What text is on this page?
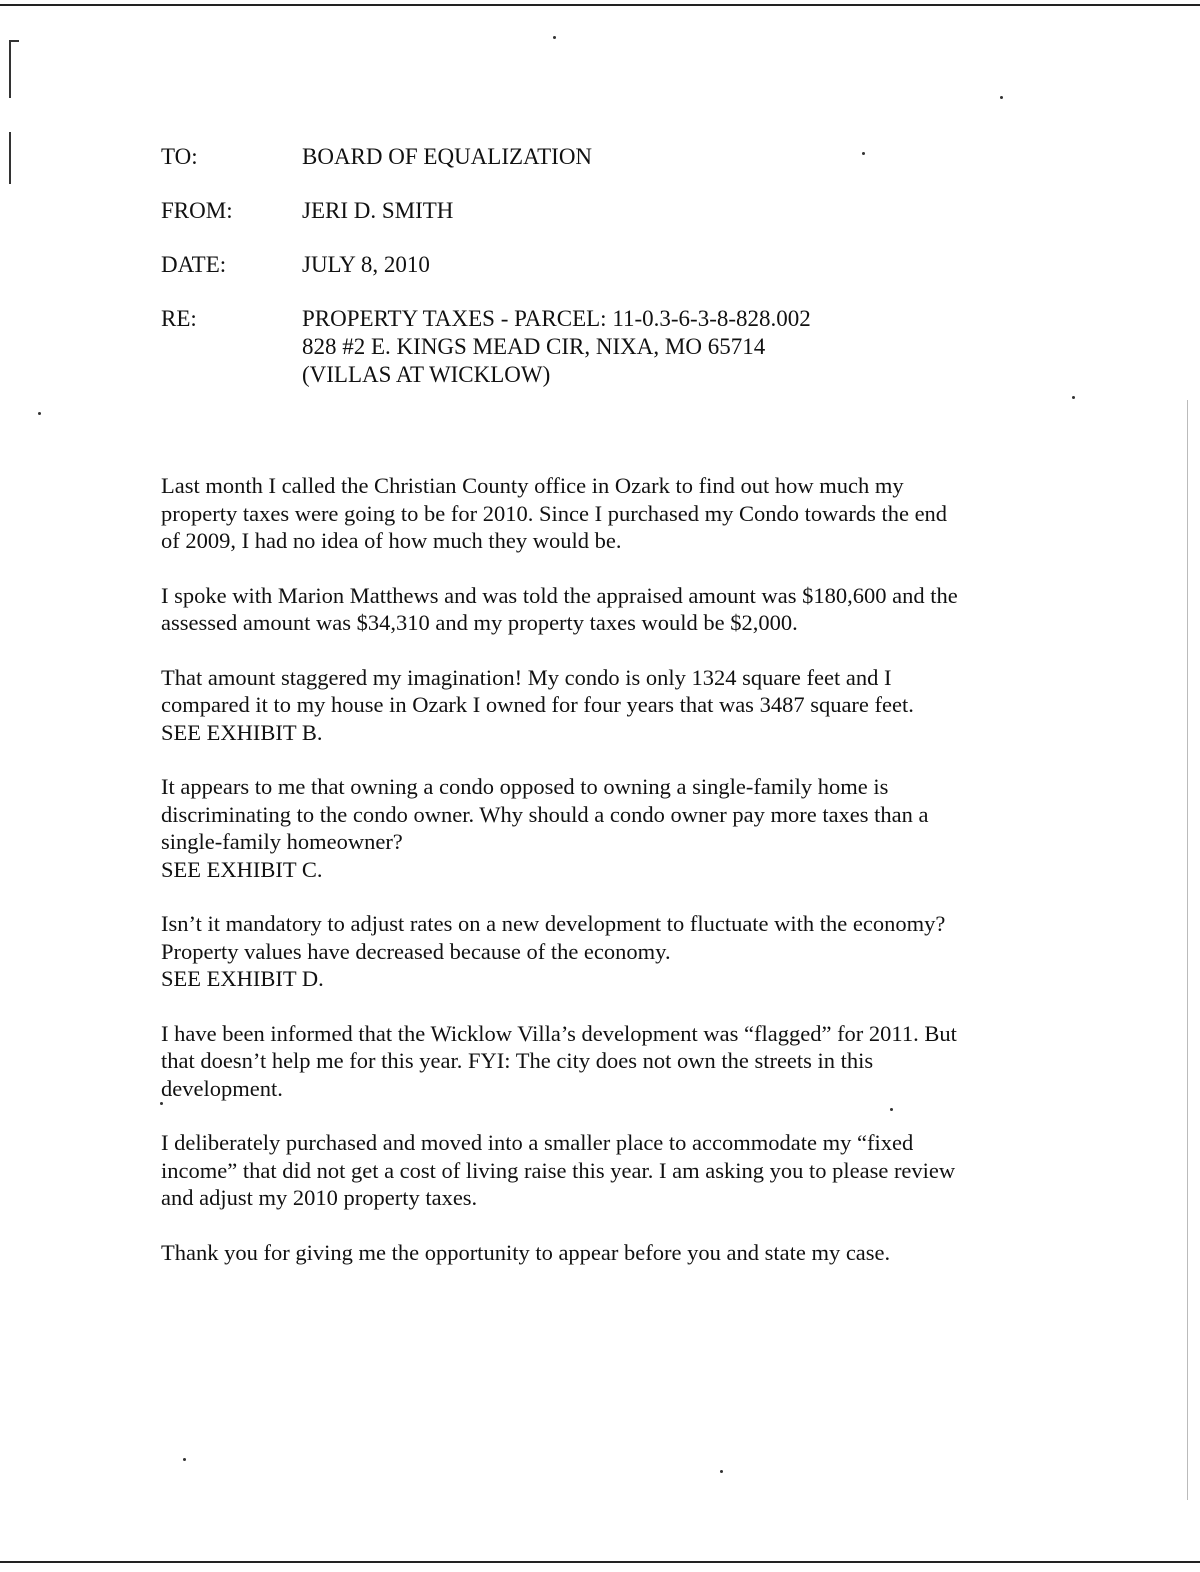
TO:	BOARD OF EQUALIZATION
FROM:	JERI D. SMITH
DATE:	JULY 8, 2010
RE:	PROPERTY TAXES - PARCEL: 11-0.3-6-3-8-828.002
828 #2 E. KINGS MEAD CIR, NIXA, MO 65714
(VILLAS AT WICKLOW)

Last month I called the Christian County office in Ozark to find out how much my
property taxes were going to be for 2010. Since I purchased my Condo towards the end
of 2009, I had no idea of how much they would be.

I spoke with Marion Matthews and was told the appraised amount was $180,600 and the
assessed amount was $34,310 and my property taxes would be $2,000.

That amount staggered my imagination! My condo is only 1324 square feet and I
compared it to my house in Ozark I owned for four years that was 3487 square feet.
SEE EXHIBIT B.

It appears to me that owning a condo opposed to owning a single-family home is
discriminating to the condo owner. Why should a condo owner pay more taxes than a
single-family homeowner?
SEE EXHIBIT C.

Isn’t it mandatory to adjust rates on a new development to fluctuate with the economy?
Property values have decreased because of the economy.
SEE EXHIBIT D.

I have been informed that the Wicklow Villa’s development was “flagged” for 2011. But
that doesn’t help me for this year. FYI: The city does not own the streets in this
development.

I deliberately purchased and moved into a smaller place to accommodate my “fixed
income” that did not get a cost of living raise this year. I am asking you to please review
and adjust my 2010 property taxes.

Thank you for giving me the opportunity to appear before you and state my case.
